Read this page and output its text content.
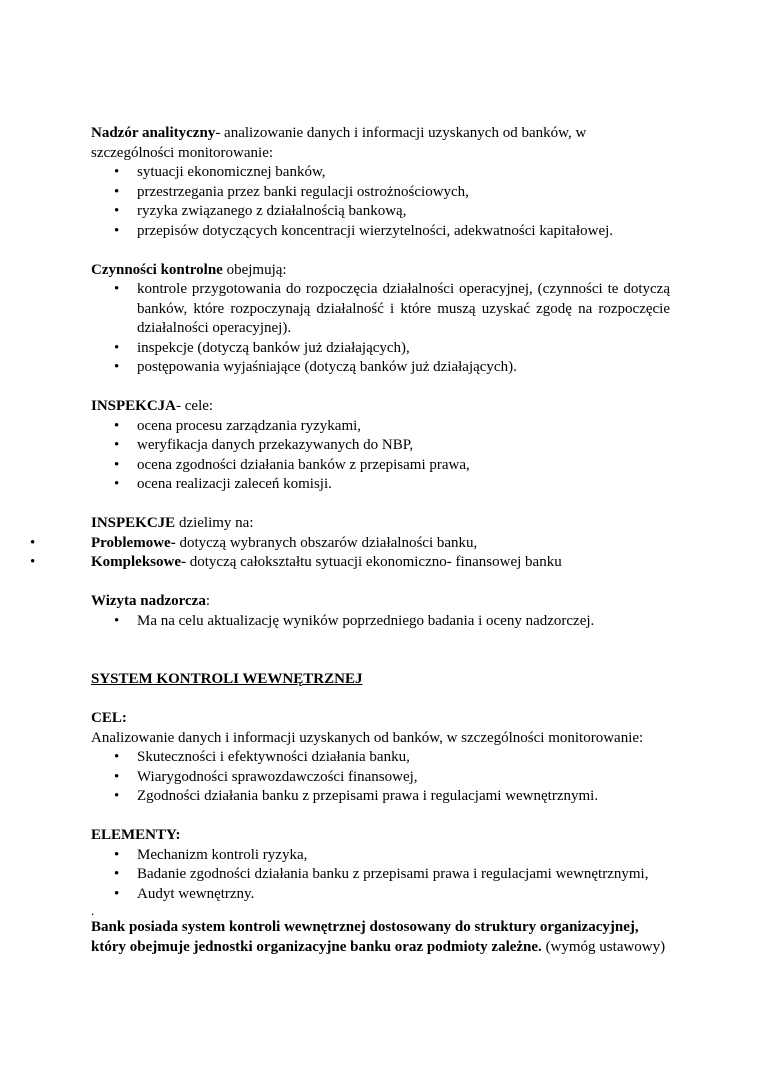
Nadzór analityczny- analizowanie danych i informacji uzyskanych od banków, w szczególności monitorowanie:

• sytuacji ekonomicznej banków,
• przestrzegania przez banki regulacji ostrożnościowych,
• ryzyka związanego z działalnością bankową,
• przepisów dotyczących koncentracji wierzytelności, adekwatności kapitałowej.

Czynności kontrolne obejmują:

• kontrole przygotowania do rozpoczęcia działalności operacyjnej, (czynności te dotyczą banków, które rozpoczynają działalność i które muszą uzyskać zgodę na rozpoczęcie działalności operacyjnej).
• inspekcje (dotyczą banków już działających),
• postępowania wyjaśniające (dotyczą banków już działających).

INSPEKCJA- cele:

• ocena procesu zarządzania ryzykami,
• weryfikacja danych przekazywanych do NBP,
• ocena zgodności działania banków z przepisami prawa,
• ocena realizacji zaleceń komisji.

INSPEKCJE dzielimy na:

• Problemowe- dotyczą wybranych obszarów działalności banku,
• Kompleksowe- dotyczą całokształtu sytuacji ekonomiczno- finansowej banku

Wizyta nadzorcza:

• Ma na celu aktualizację wyników poprzedniego badania i oceny nadzorczej.

SYSTEM KONTROLI WEWNĘTRZNEJ

CEL:

Analizowanie danych i informacji uzyskanych od banków, w szczególności monitorowanie:

• Skuteczności i efektywności działania banku,
• Wiarygodności sprawozdawczości finansowej,
• Zgodności działania banku z przepisami prawa i regulacjami wewnętrznymi.

ELEMENTY:

• Mechanizm kontroli ryzyka,
• Badanie zgodności działania banku z przepisami prawa i regulacjami wewnętrznymi,
• Audyt wewnętrzny.

.

Bank posiada system kontroli wewnętrznej dostosowany do struktury organizacyjnej, który obejmuje jednostki organizacyjne banku oraz podmioty zależne. (wymóg ustawowy)
